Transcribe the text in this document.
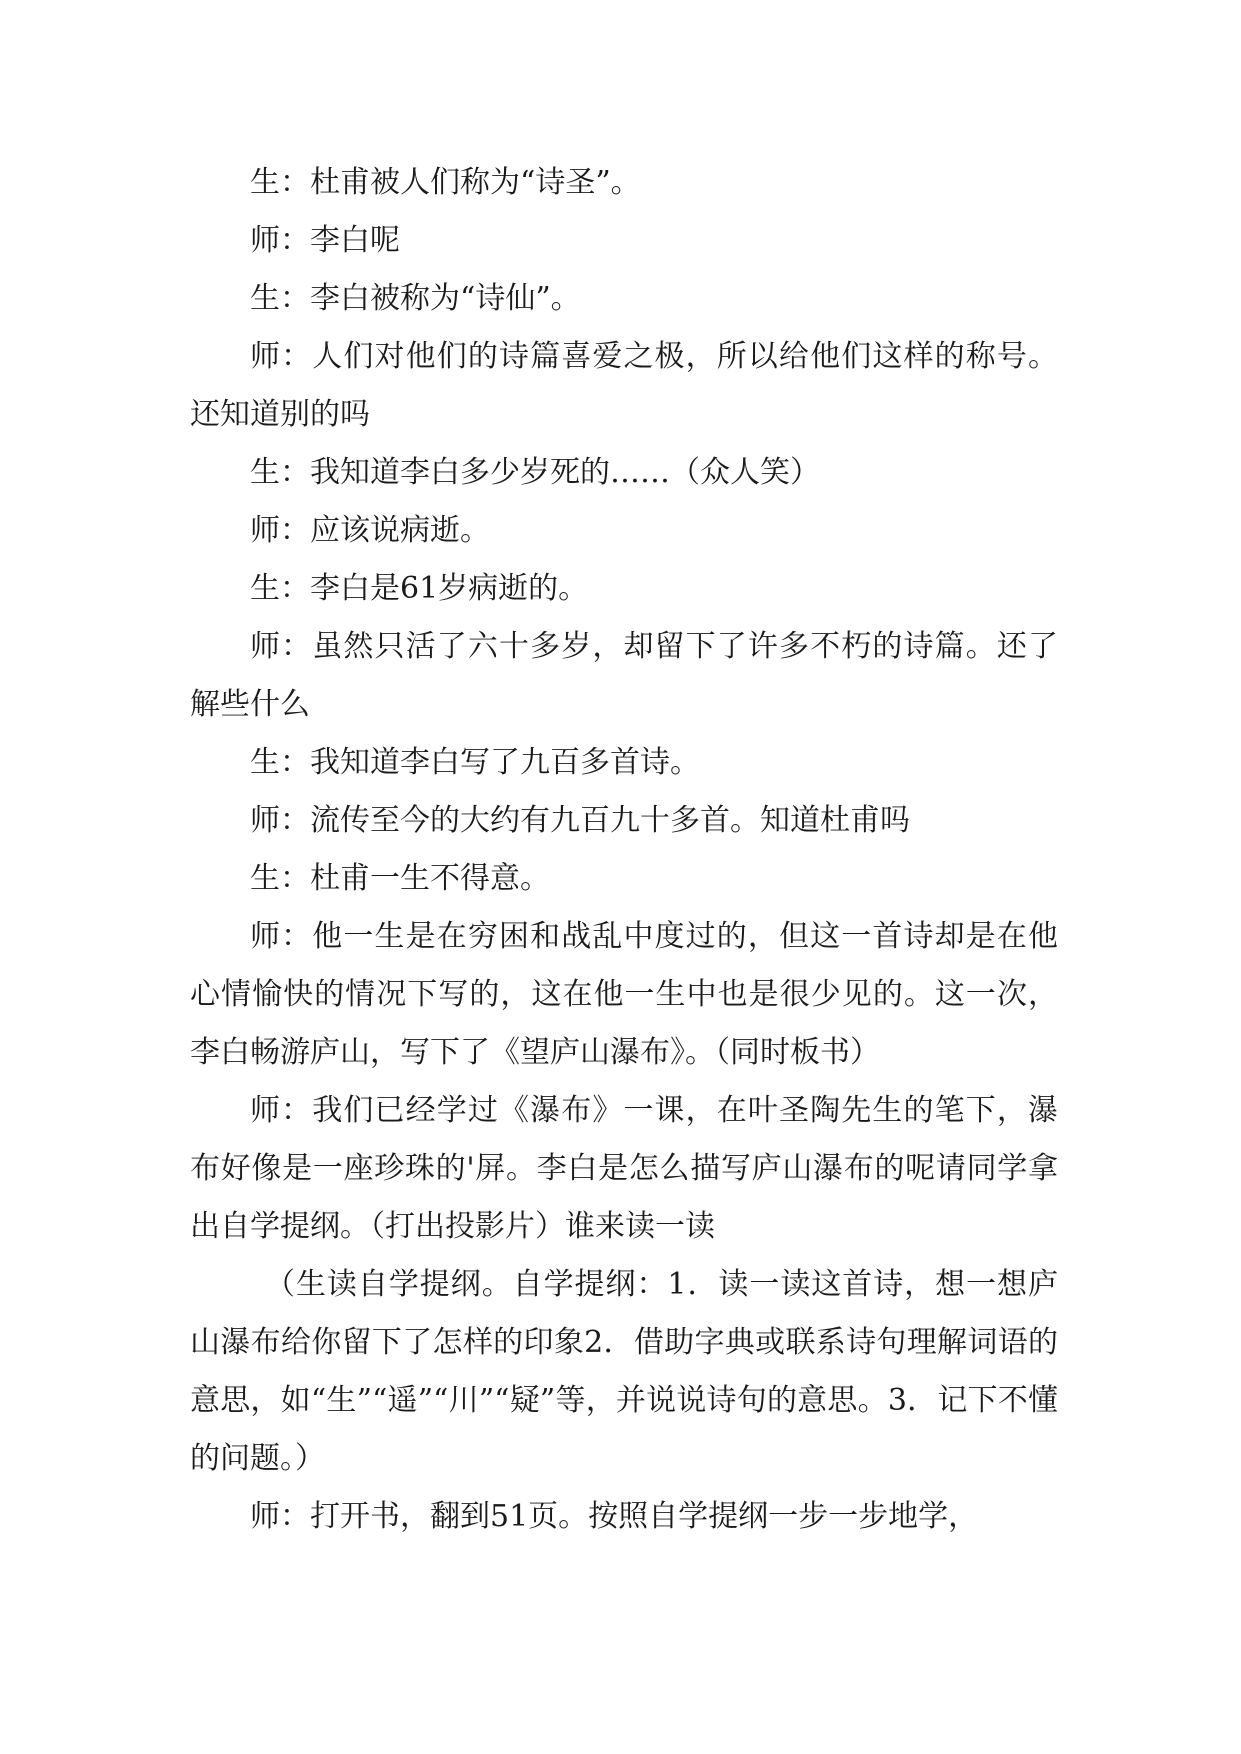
生：杜甫被人们称为“诗圣”。

师：李白呢

生：李白被称为“诗仙”。

师：人们对他们的诗篇喜爱之极，所以给他们这样的称号。还知道别的吗

生：我知道李白多少岁死的……（众人笑）

师：应该说病逝。

生：李白是61岁病逝的。

师：虽然只活了六十多岁，却留下了许多不朽的诗篇。还了解些什么

生：我知道李白写了九百多首诗。

师：流传至今的大约有九百九十多首。知道杜甫吗

生：杜甫一生不得意。

师：他一生是在穷困和战乱中度过的，但这一首诗却是在他心情愉快的情况下写的，这在他一生中也是很少见的。这一次，李白畅游庐山，写下了《望庐山瀑布》。（同时板书）

师：我们已经学过《瀑布》一课，在叶圣陶先生的笔下，瀑布好像是一座珍珠的'屏。李白是怎么描写庐山瀑布的呢请同学拿出自学提纲。（打出投影片）谁来读一读

（生读自学提纲。自学提纲：1．读一读这首诗，想一想庐山瀑布给你留下了怎样的印象2．借助字典或联系诗句理解词语的意思，如“生”“遥”“川”“疑”等，并说说诗句的意思。3．记下不懂的问题。）

师：打开书，翻到51页。按照自学提纲一步一步地学，
